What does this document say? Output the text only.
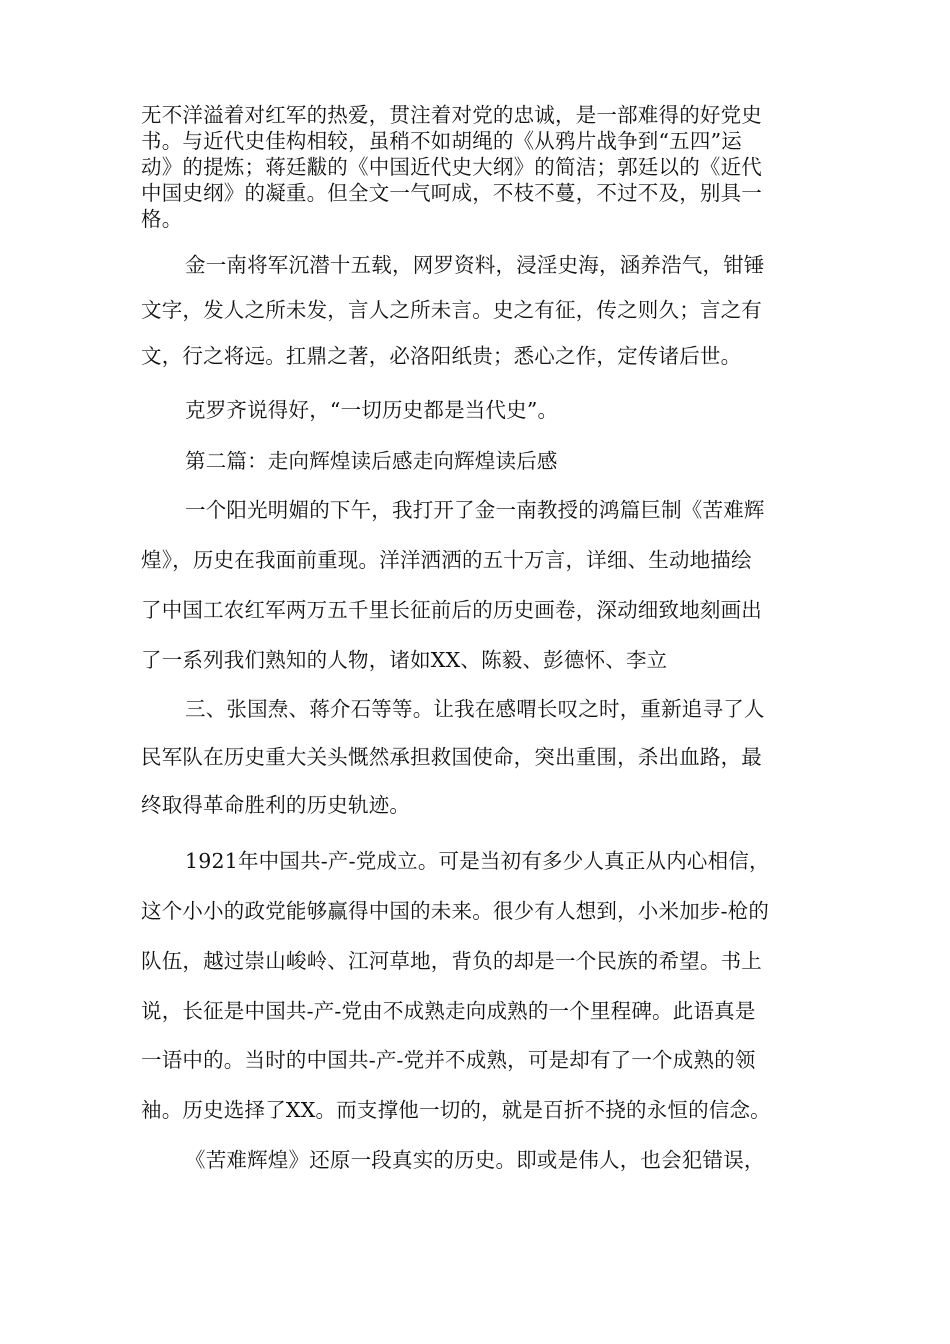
无不洋溢着对红军的热爱，贯注着对党的忠诚，是一部难得的好党史

书。与近代史佳构相较，虽稍不如胡绳的《从鸦片战争到“五四”运

动》的提炼；蒋廷黻的《中国近代史大纲》的简洁；郭廷以的《近代

中国史纲》的凝重。但全文一气呵成，不枝不蔓，不过不及，别具一

格。

金一南将军沉潜十五载，网罗资料，浸淫史海，涵养浩气，钳锤

文字，发人之所未发，言人之所未言。史之有征，传之则久；言之有

文，行之将远。扛鼎之著，必洛阳纸贵；悉心之作，定传诸后世。

克罗齐说得好，“一切历史都是当代史”。

第二篇：走向辉煌读后感走向辉煌读后感

一个阳光明媚的下午，我打开了金一南教授的鸿篇巨制《苦难辉

煌》，历史在我面前重现。洋洋洒洒的五十万言，详细、生动地描绘

了中国工农红军两万五千里长征前后的历史画卷，深动细致地刻画出

了一系列我们熟知的人物，诸如XX、陈毅、彭德怀、李立

三、张国焘、蒋介石等等。让我在感喟长叹之时，重新追寻了人

民军队在历史重大关头慨然承担救国使命，突出重围，杀出血路，最

终取得革命胜利的历史轨迹。

1921年中国共-产-党成立。可是当初有多少人真正从内心相信，

这个小小的政党能够赢得中国的未来。很少有人想到，小米加步-枪的

队伍，越过崇山峻岭、江河草地，背负的却是一个民族的希望。书上

说，长征是中国共-产-党由不成熟走向成熟的一个里程碑。此语真是

一语中的。当时的中国共-产-党并不成熟，可是却有了一个成熟的领

袖。历史选择了XX。而支撑他一切的，就是百折不挠的永恒的信念。

《苦难辉煌》还原一段真实的历史。即或是伟人，也会犯错误，
